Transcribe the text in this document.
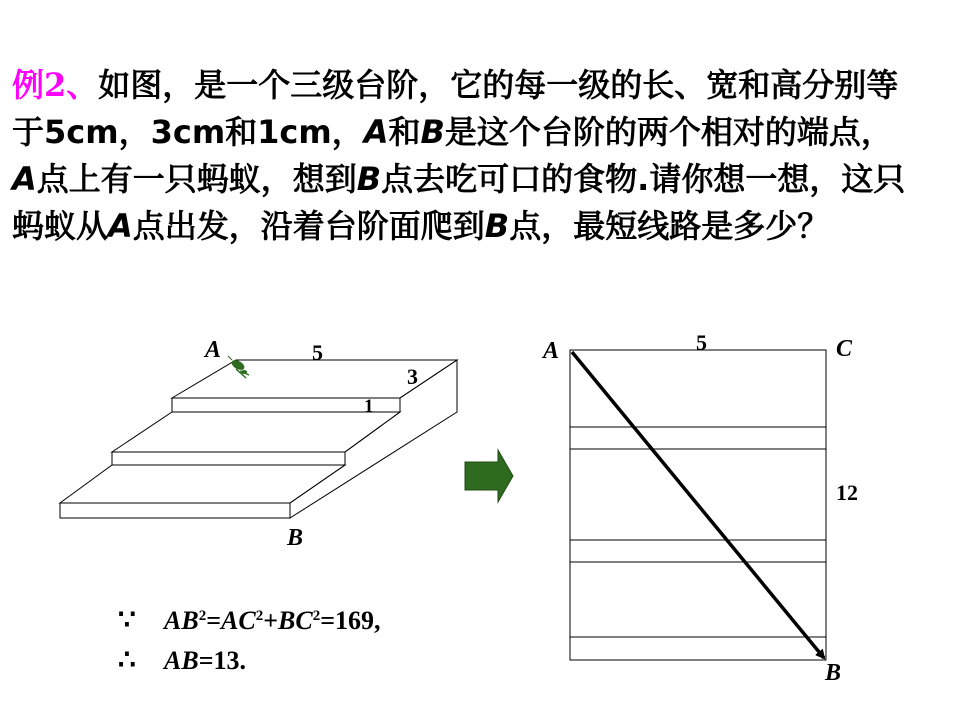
例2、如图，是一个三级台阶，它的每一级的长、宽和高分别等于5cm，3cm和1cm，A和B是这个台阶的两个相对的端点，A点上有一只蚂蚁，想到B点去吃可口的食物.请你想一想，这只蚂蚁从A点出发，沿着台阶面爬到B点，最短线路是多少？

A	5
3
1
B
A	5	C
12
B
∵ $AB^2=AC^2+BC^2=169$,
∴ AB=13.
